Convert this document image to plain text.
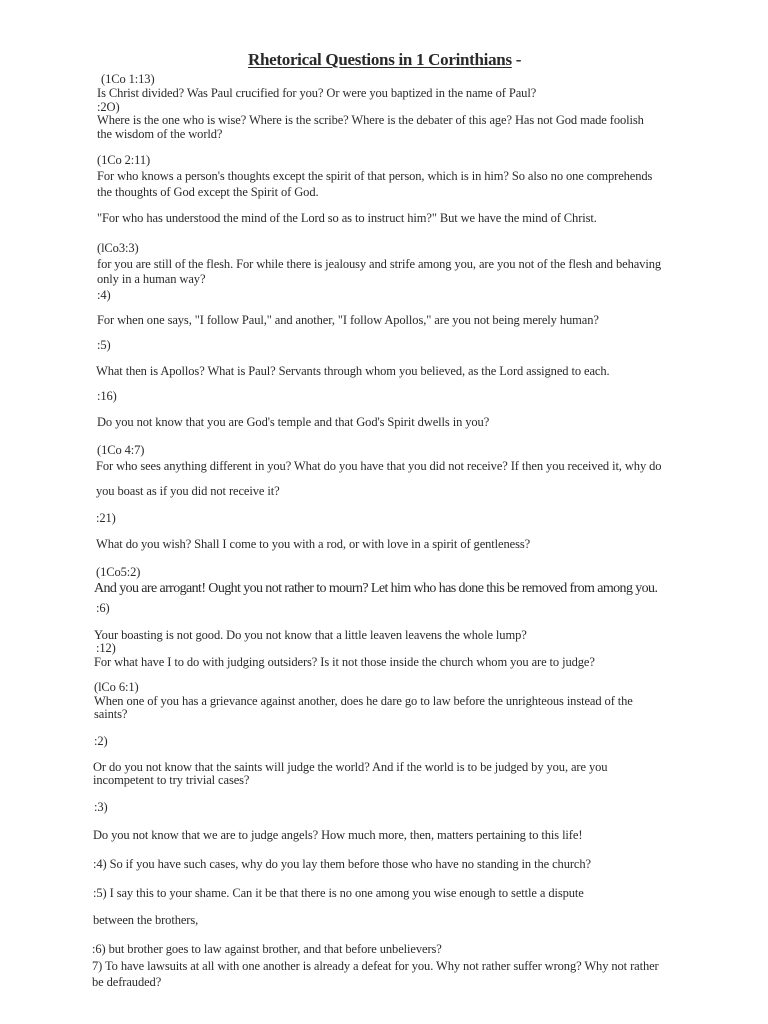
Rhetorical Questions in 1 Corinthians -

(1Co 1:13)

Is Christ divided? Was Paul crucified for you? Or were you baptized in the name of Paul?

:2O)

Where is the one who is wise? Where is the scribe? Where is the debater of this age? Has not God made foolish

the wisdom of the world?

(1Co 2:11)

For who knows a person's thoughts except the spirit of that person, which is in him? So also no one comprehends

the thoughts of God except the Spirit of God.

"For who has understood the mind of the Lord so as to instruct him?" But we have the mind of Christ.

(lCo3:3)

for you are still of the flesh. For while there is jealousy and strife among you, are you not of the flesh and behaving

only in a human way?

:4)

For when one says, "I follow Paul," and another, "I follow Apollos," are you not being merely human?

:5)

What then is Apollos? What is Paul? Servants through whom you believed, as the Lord assigned to each.

:16)

Do you not know that you are God's temple and that God's Spirit dwells in you?

(1Co 4:7)

For who sees anything different in you? What do you have that you did not receive? If then you received it, why do

you boast as if you did not receive it?

:21)

What do you wish? Shall I come to you with a rod, or with love in a spirit of gentleness?

(1Co5:2)

And you are arrogant! Ought you not rather to mourn? Let him who has done this be removed from among you.

:6)

Your boasting is not good. Do you not know that a little leaven leavens the whole lump?

:12)

For what have I to do with judging outsiders? Is it not those inside the church whom you are to judge?

(lCo 6:1)

When one of you has a grievance against another, does he dare go to law before the unrighteous instead of the

saints?

:2)

Or do you not know that the saints will judge the world? And if the world is to be judged by you, are you

incompetent to try trivial cases?

:3)

Do you not know that we are to judge angels? How much more, then, matters pertaining to this life!

:4) So if you have such cases, why do you lay them before those who have no standing in the church?

:5) I say this to your shame. Can it be that there is no one among you wise enough to settle a dispute

between the brothers,

:6) but brother goes to law against brother, and that before unbelievers?

7) To have lawsuits at all with one another is already a defeat for you. Why not rather suffer wrong? Why not rather

be defrauded?
